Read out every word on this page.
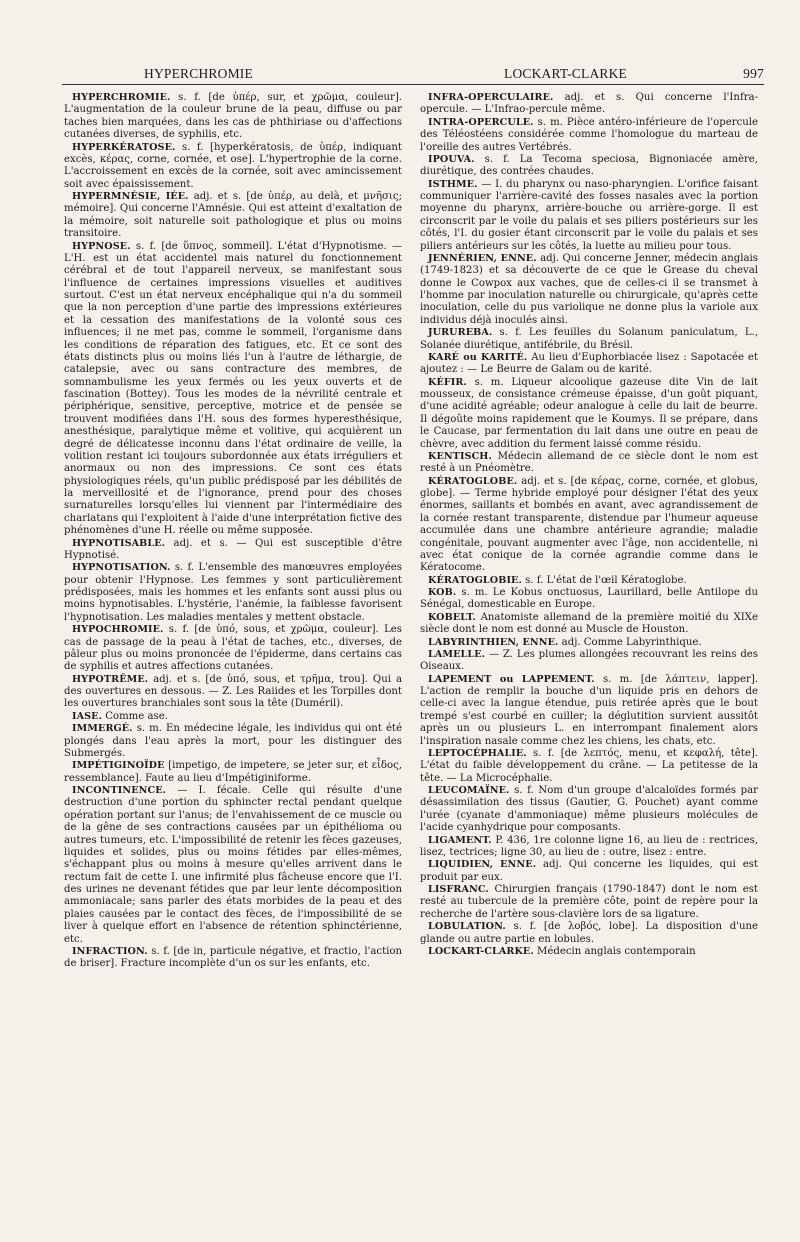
HYPERCHROMIE	LOCKART-CLARKE	997

HYPERCHROMIE. s. f. [de ὑπέρ, sur, et χρῶμα, couleur]. L'augmentation de la couleur brune de la peau, diffuse ou par taches bien marquées, dans les cas de phthiriase ou d'affections cutanées diverses, de syphilis, etc.

HYPERKÉRATOSE. s. f. [hyperkératosis, de ὑπέρ, indiquant excès, κέρας, corne, cornée, et ose]. L'hypertrophie de la corne. L'accroissement en excès de la cornée, soit avec amincissement soit avec épaississement.

HYPERMNÉSIE, IÉE. adj. et s. [de ὑπέρ, au delà, et μνῆσις; mémoire]. Qui concerne l'Amnésie. Qui est atteint d'exaltation de la mémoire, soit naturelle soit pathologique et plus ou moins transitoire.

HYPNOSE. s. f. [de ὕπνος, sommeil]. L'état d'Hypnotisme. — L'H. est un état accidentel mais naturel du fonctionnement cérébral et de tout l'appareil nerveux, se manifestant sous l'influence de certaines impressions visuelles et auditives surtout. C'est un état nerveux encéphalique qui n'a du sommeil que la non perception d'une partie des impressions extérieures et la cessation des manifestations de la volonté sous ces influences; il ne met pas, comme le sommeil, l'organisme dans les conditions de réparation des fatigues, etc. Et ce sont des états distincts plus ou moins liés l'un à l'autre de léthargie, de catalepsie, avec ou sans contracture des membres, de somnambulisme les yeux fermés ou les yeux ouverts et de fascination (Bottey). Tous les modes de la névrilité centrale et périphérique, sensitive, perceptive, motrice et de pensée se trouvent modifiées dans l'H. sous des formes hyperesthésique, anesthésique, paralytique même et volitive, qui acquièrent un degré de délicatesse inconnu dans l'état ordinaire de veille, la volition restant ici toujours subordonnée aux états irréguliers et anormaux ou non des impressions. Ce sont ces états physiologiques réels, qu'un public prédisposé par les débilités de la merveillosité et de l'ignorance, prend pour des choses surnaturelles lorsqu'elles lui viennent par l'intermédiaire des charlatans qui l'exploitent à l'aide d'une interprétation fictive des phénomènes d'une H. réelle ou même supposée.

HYPNOTISABLE. adj. et s. — Qui est susceptible d'être Hypnotisé.

HYPNOTISATION. s. f. L'ensemble des manœuvres employées pour obtenir l'Hypnose. Les femmes y sont particulièrement prédisposées, mais les hommes et les enfants sont aussi plus ou moins hypnotisables. L'hystérie, l'anémie, la faiblesse favorisent l'hypnotisation. Les maladies mentales y mettent obstacle.

HYPOCHROMIE. s. f. [de ὑπό, sous, et χρῶμα, couleur]. Les cas de passage de la peau à l'état de taches, etc., diverses, de pâleur plus ou moins prononcée de l'épiderme, dans certains cas de syphilis et autres affections cutanées.

HYPOTRÊME. adj. et s. [de ὑπό, sous, et τρῆμα, trou]. Qui a des ouvertures en dessous. — Z. Les Raiides et les Torpilles dont les ouvertures branchiales sont sous la tête (Duméril).

IASE. Comme ase.

IMMERGÉ. s. m. En médecine légale, les individus qui ont été plongés dans l'eau après la mort, pour les distinguer des Submergés.

IMPÉTIGINOÏDE [impetigo, de impetere, se jeter sur, et εἶδος, ressemblance]. Faute au lieu d'Impétiginiforme.

INCONTINENCE. — I. fécale. Celle qui résulte d'une destruction d'une portion du sphincter rectal pendant quelque opération portant sur l'anus; de l'envahissement de ce muscle ou de la gêne de ses contractions causées par un épithélioma ou autres tumeurs, etc. L'impossibilité de retenir les fèces gazeuses, liquides et solides, plus ou moins fétides par elles-mêmes, s'échappant plus ou moins à mesure qu'elles arrivent dans le rectum fait de cette I. une infirmité plus fâcheuse encore que l'I. des urines ne devenant fétides que par leur lente décomposition ammoniacale; sans parler des états morbides de la peau et des plaies causées par le contact des fèces, de l'impossibilité de se liver à quelque effort en l'absence de rétention sphinctérienne, etc.

INFRACTION. s. f. [de in, particule négative, et fractio, l'action de briser]. Fracture incomplète d'un os sur les enfants, etc.

INFRA-OPERCULAIRE. adj. et s. Qui concerne l'Infra-opercule. — L'Infrao-percule même.

INTRA-OPERCULE. s. m. Pièce antéro-inférieure de l'opercule des Téléostéens considérée comme l'homologue du marteau de l'oreille des autres Vertébrés.

IPOUVA. s. f. La Tecoma speciosa, Bignoniacée amère, diurétique, des contrées chaudes.

ISTHME. — I. du pharynx ou naso-pharyngien. L'orifice faisant communiquer l'arrière-cavité des fosses nasales avec la portion moyenne du pharynx, arrière-bouche ou arrière-gorge. Il est circonscrit par le voile du palais et ses piliers postérieurs sur les côtés, l'I. du gosier étant circonscrit par le voile du palais et ses piliers antérieurs sur les côtés, la luette au milieu pour tous.

JENNÉRIEN, ENNE. adj. Qui concerne Jenner, médecin anglais (1749-1823) et sa découverte de ce que le Grease du cheval donne le Cowpox aux vaches, que de celles-ci il se transmet à l'homme par inoculation naturelle ou chirurgicale, qu'après cette inoculation, celle du pus variolique ne donne plus la variole aux individus déjà inoculés ainsi.

JURUREBA. s. f. Les feuilles du Solanum paniculatum, L., Solanée diurétique, antifébrile, du Brésil.

KARÉ ou KARITÉ. Au lieu d'Euphorbiacée lisez : Sapotacée et ajoutez : — Le Beurre de Galam ou de karité.

KÉFIR. s. m. Liqueur alcoolique gazeuse dite Vin de lait mousseux, de consistance crémeuse épaisse, d'un goût piquant, d'une acidité agréable; odeur analogue à celle du lait de beurre. Il dégoûte moins rapidement que le Koumys. Il se prépare, dans le Caucase, par fermentation du lait dans une outre en peau de chèvre, avec addition du ferment laissé comme résidu.

KENTISCH. Médecin allemand de ce siècle dont le nom est resté à un Pnéomètre.

KÉRATOGLOBE. adj. et s. [de κέρας, corne, cornée, et globus, globe]. — Terme hybride employé pour désigner l'état des yeux énormes, saillants et bombés en avant, avec agrandissement de la cornée restant transparente, distendue par l'humeur aqueuse accumulée dans une chambre antérieure agrandie; maladie congénitale, pouvant augmenter avec l'âge, non accidentelle, ni avec état conique de la cornée agrandie comme dans le Kératocome.

KÉRATOGLOBIE. s. f. L'état de l'œil Kératoglobe.

KOB. s. m. Le Kobus onctuosus, Laurillard, belle Antilope du Sénégal, domesticable en Europe.

KOBELT. Anatomiste allemand de la première moitié du XIXe siècle dont le nom est donné au Muscle de Houston.

LABYRINTHIEN, ENNE. adj. Comme Labyrinthique.

LAMELLE. — Z. Les plumes allongées recouvrant les reins des Oiseaux.

LAPEMENT ou LAPPEMENT. s. m. [de λάπτειν, lapper]. L'action de remplir la bouche d'un liquide pris en dehors de celle-ci avec la langue étendue, puis retirée après que le bout trempé s'est courbé en cuiller; la déglutition survient aussitôt après un ou plusieurs L. en interrompant finalement alors l'inspiration nasale comme chez les chiens, les chats, etc.

LEPTOCÉPHALIE. s. f. [de λεπτός, menu, et κεφαλή, tête]. L'état du faible développement du crâne. — La petitesse de la tête. — La Microcéphalie.

LEUCOMAÏNE. s. f. Nom d'un groupe d'alcaloïdes formés par désassimilation des tissus (Gautier, G. Pouchet) ayant comme l'urée (cyanate d'ammoniaque) même plusieurs molécules de l'acide cyanhydrique pour composants.

LIGAMENT. P. 436, 1re colonne ligne 16, au lieu de : rectrices, lisez, tectrices; ligne 30, au lieu de : outre, lisez : entre.

LIQUIDIEN, ENNE. adj. Qui concerne les liquides, qui est produit par eux.

LISFRANC. Chirurgien français (1790-1847) dont le nom est resté au tubercule de la première côte, point de repère pour la recherche de l'artère sous-clavière lors de sa ligature.

LOBULATION. s. f. [de λοβός, lobe]. La disposition d'une glande ou autre partie en lobules.

LOCKART-CLARKE. Médecin anglais contemporain
